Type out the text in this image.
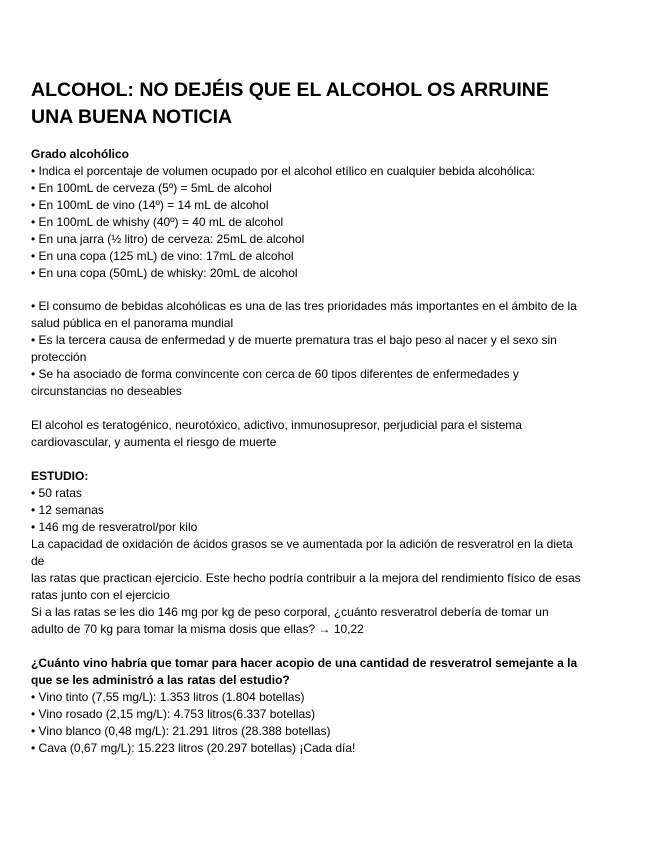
ALCOHOL: NO DEJÉIS QUE EL ALCOHOL OS ARRUINE
UNA BUENA NOTICIA
Grado alcohólico
• Indica el porcentaje de volumen ocupado por el alcohol etílico en cualquier bebida alcohólica:
• En 100mL de cerveza (5º) = 5mL de alcohol
• En 100mL de vino (14º) = 14 mL de alcohol
• En 100mL de whishy (40º) = 40 mL de alcohol
• En una jarra (½ litro) de cerveza: 25mL de alcohol
• En una copa (125 mL) de vino: 17mL de alcohol
• En una copa (50mL) de whisky: 20mL de alcohol
• El consumo de bebidas alcohólicas es una de las tres prioridades más importantes en el ámbito de la
salud pública en el panorama mundial
• Es la tercera causa de enfermedad y de muerte prematura tras el bajo peso al nacer y el sexo sin
protección
• Se ha asociado de forma convincente con cerca de 60 tipos diferentes de enfermedades y
circunstancias no deseables
El alcohol es teratogénico, neurotóxico, adictivo, inmunosupresor, perjudicial para el sistema
cardiovascular, y aumenta el riesgo de muerte
ESTUDIO:
• 50 ratas
• 12 semanas
• 146 mg de resveratrol/por kilo
La capacidad de oxidación de ácidos grasos se ve aumentada por la adición de resveratrol en la dieta
de
las ratas que practican ejercicio. Este hecho podría contribuir a la mejora del rendimiento físico de esas
ratas junto con el ejercicio
Si a las ratas se les dio 146 mg por kg de peso corporal, ¿cuánto resveratrol debería de tomar un
adulto de 70 kg para tomar la misma dosis que ellas? → 10,22
¿Cuánto vino habría que tomar para hacer acopio de una cantidad de resveratrol semejante a la
que se les administró a las ratas del estudio?
• Vino tinto (7,55 mg/L): 1.353 litros (1.804 botellas)
• Vino rosado (2,15 mg/L): 4.753 litros(6.337 botellas)
• Vino blanco (0,48 mg/L): 21.291 litros (28.388 botellas)
• Cava (0,67 mg/L): 15.223 litros (20.297 botellas) ¡Cada día!
